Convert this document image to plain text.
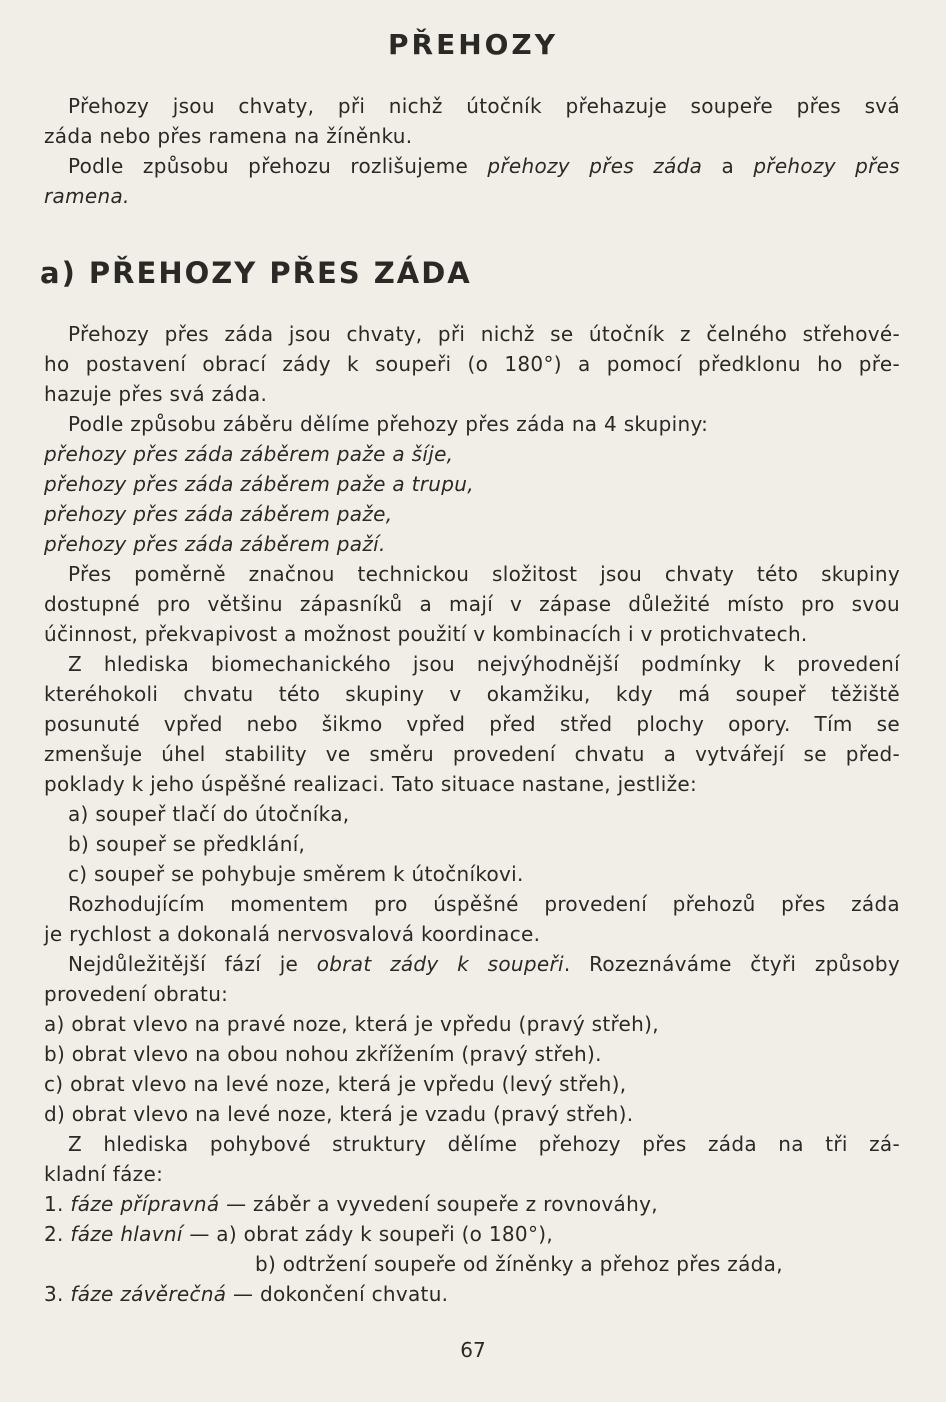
PŘEHOZY
Přehozy jsou chvaty, při nichž útočník přehazuje soupeře přes svá
záda nebo přes ramena na žíněnku.
Podle způsobu přehozu rozlišujeme přehozy přes záda a přehozy přes
ramena.
a) PŘEHOZY PŘES ZÁDA
Přehozy přes záda jsou chvaty, při nichž se útočník z čelného střehové-
ho postavení obrací zády k soupeři (o 180°) a pomocí předklonu ho pře-
hazuje přes svá záda.
Podle způsobu záběru dělíme přehozy přes záda na 4 skupiny:
přehozy přes záda záběrem paže a šíje,
přehozy přes záda záběrem paže a trupu,
přehozy přes záda záběrem paže,
přehozy přes záda záběrem paží.
Přes poměrně značnou technickou složitost jsou chvaty této skupiny
dostupné pro většinu zápasníků a mají v zápase důležité místo pro svou
účinnost, překvapivost a možnost použití v kombinacích i v protichvatech.
Z hlediska biomechanického jsou nejvýhodnější podmínky k provedení
kteréhokoli chvatu této skupiny v okamžiku, kdy má soupeř těžiště
posunuté vpřed nebo šikmo vpřed před střed plochy opory. Tím se
zmenšuje úhel stability ve směru provedení chvatu a vytvářejí se před-
poklady k jeho úspěšné realizaci. Tato situace nastane, jestliže:
a) soupeř tlačí do útočníka,
b) soupeř se předklání,
c) soupeř se pohybuje směrem k útočníkovi.
Rozhodujícím momentem pro úspěšné provedení přehozů přes záda
je rychlost a dokonalá nervosvalová koordinace.
Nejdůležitější fází je obrat zády k soupeři. Rozeznáváme čtyři způsoby
provedení obratu:
a) obrat vlevo na pravé noze, která je vpředu (pravý střeh),
b) obrat vlevo na obou nohou zkřížením (pravý střeh).
c) obrat vlevo na levé noze, která je vpředu (levý střeh),
d) obrat vlevo na levé noze, která je vzadu (pravý střeh).
Z hlediska pohybové struktury dělíme přehozy přes záda na tři zá-
kladní fáze:
1. fáze přípravná — záběr a vyvedení soupeře z rovnováhy,
2. fáze hlavní — a) obrat zády k soupeři (o 180°),
b) odtržení soupeře od žíněnky a přehoz přes záda,
3. fáze závěrečná — dokončení chvatu.
67
